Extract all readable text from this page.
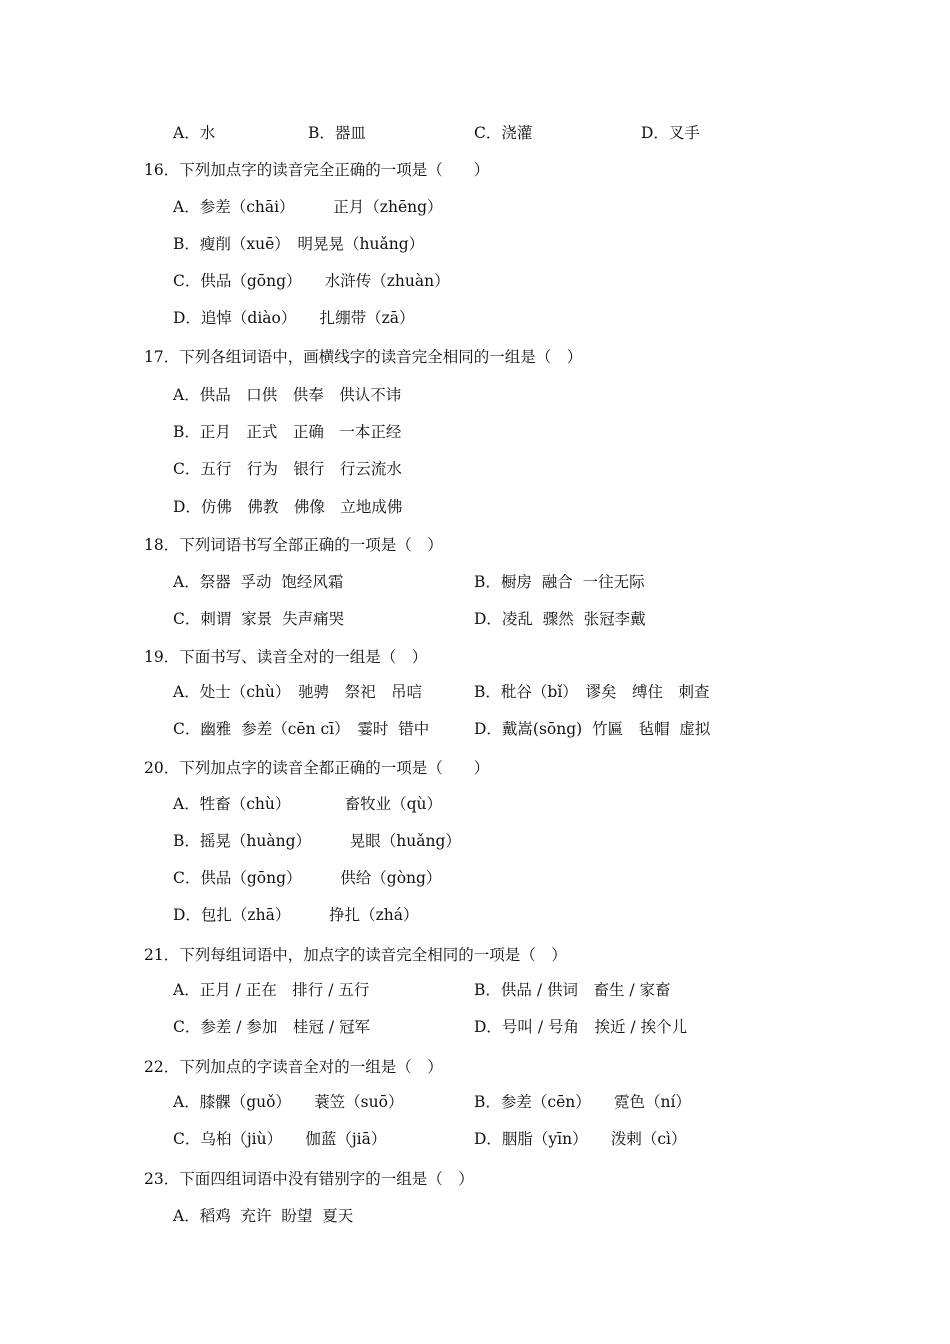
A．水	B．器皿	C．浇灌	D．叉手
16．下列加点字的读音完全正确的一项是（　　）
A．参差（chāi）　　　正月（zhēng）
B．瘦削（xuē）　明晃晃（huǎng）
C．供品（gōng）　　水浒传（zhuàn）
D．追悼（diào）　　扎绷带（zā）
17．下列各组词语中，画横线字的读音完全相同的一组是（　）
A．供品　口供　供奉　供认不讳
B．正月　正式　正确　一本正经
C．五行　行为　银行　行云流水
D．仿佛　佛教　佛像　立地成佛
18．下列词语书写全部正确的一项是（　）
A．祭器  孚动  饱经风霜	B．橱房  融合  一往无际
C．刺谓  家景  失声痛哭	D．凌乱  骤然  张冠李戴
19．下面书写、读音全对的一组是（　）
A．处士（chù）　驰骋　祭祀　吊唁	B．秕谷（bǐ）　谬矣　缚住　刺查
C．幽雅  参差（cēn cī）　霎时  错中	D．戴嵩(sōng)  竹匾　毡帽  虚拟
20．下列加点字的读音全都正确的一项是（　　）
A．牲畜（chù）　　　　畜牧业（qù）
B．摇晃（huàng）　　　晃眼（huǎng）
C．供品（gōng）　　　供给（gòng）
D．包扎（zhā）　　　挣扎（zhá）
21．下列每组词语中，加点字的读音完全相同的一项是（　）
A．正月 / 正在　排行 / 五行	B．供品 / 供词　畜生 / 家畜
C．参差 / 参加　桂冠 / 冠军	D．号叫 / 号角　挨近 / 挨个儿
22．下列加点的字读音全对的一组是（　）
A．膝髁（guǒ）　　蓑笠（suō）	B．参差（cēn）　　霓色（ní）
C．乌桕（jiù）　　伽蓝（jiā）	D．胭脂（yīn）　　泼剌（cì）
23．下面四组词语中没有错别字的一组是（　）
A．稻鸡  充许  盼望  夏天
